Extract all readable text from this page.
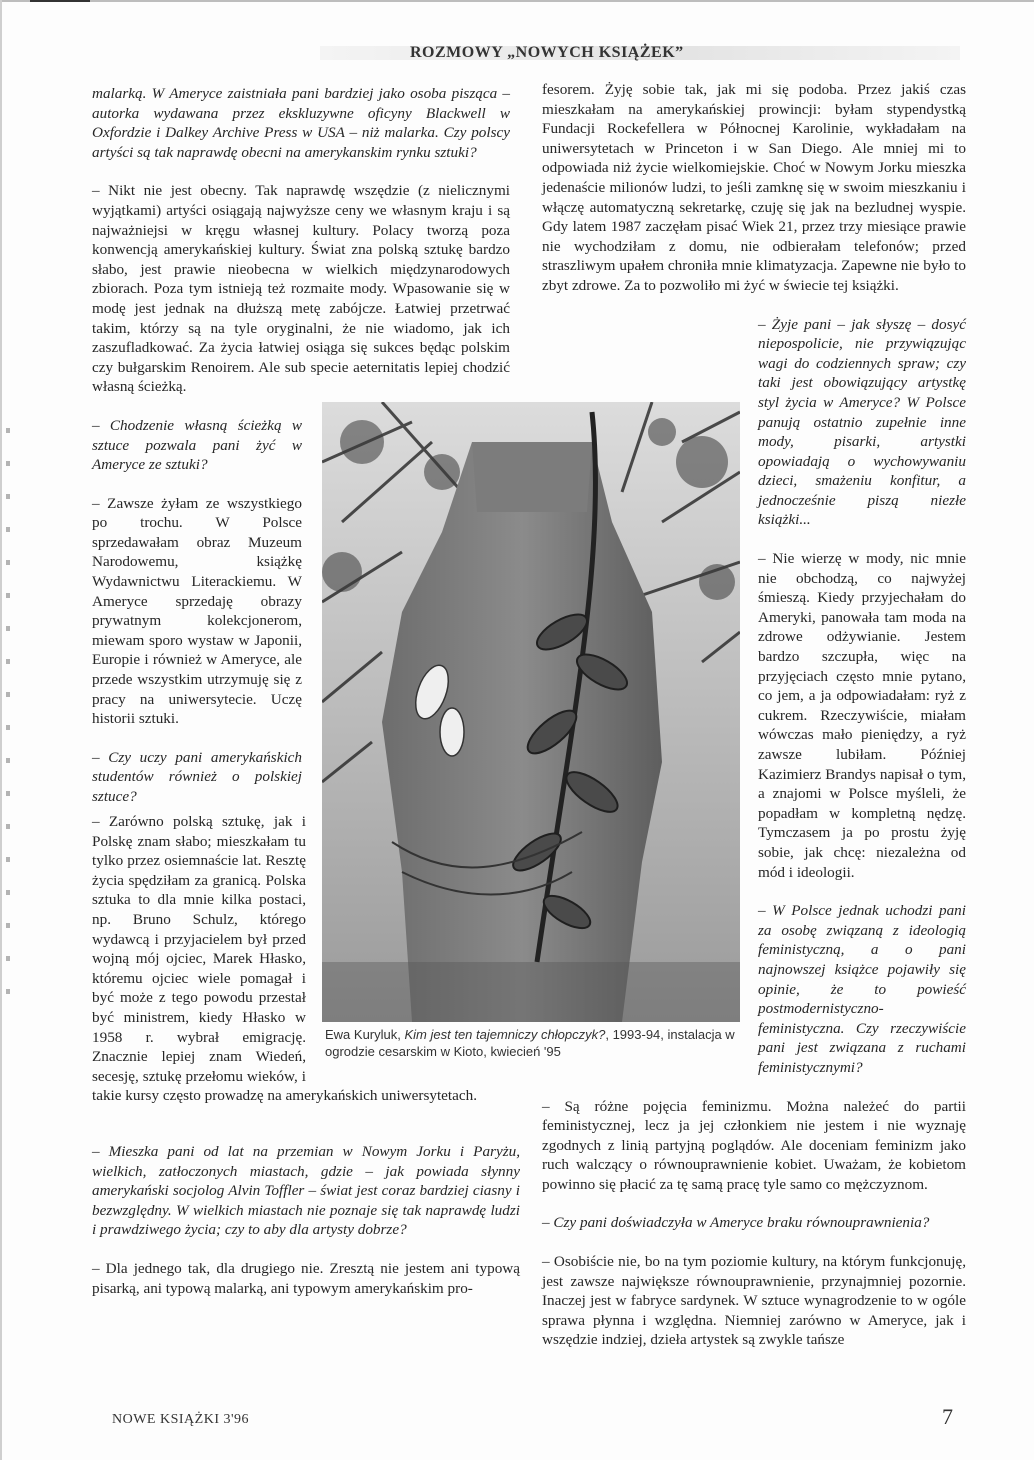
ROZMOWY „NOWYCH KSIĄŻEK”

malarką. W Ameryce zaistniała pani bardziej jako osoba pisząca – autorka wydawana przez ekskluzywne oficyny Blackwell w Oxfordzie i Dalkey Archive Press w USA – niż malarka. Czy polscy artyści są tak naprawdę obecni na amerykanskim rynku sztuki?

– Nikt nie jest obecny. Tak naprawdę wszędzie (z nielicznymi wyjątkami) artyści osiągają najwyższe ceny we własnym kraju i są najważniejsi w kręgu własnej kultury. Polacy tworzą poza konwencją amerykańskiej kultury. Świat zna polską sztukę bardzo słabo, jest prawie nieobecna w wielkich międzynarodowych zbiorach. Poza tym istnieją też rozmaite mody. Wpasowanie się w modę jest jednak na dłuższą metę zabójcze. Łatwiej przetrwać takim, którzy są na tyle oryginalni, że nie wiadomo, jak ich zaszufladkować. Za życia łatwiej osiąga się sukces będąc polskim czy bułgarskim Renoirem. Ale sub specie aeternitatis lepiej chodzić własną ścieżką.

– Chodzenie własną ścieżką w sztuce pozwala pani żyć w Ameryce ze sztuki?

– Zawsze żyłam ze wszystkiego po trochu. W Polsce sprzedawałam obraz Muzeum Narodowemu, książkę Wydawnictwu Literackiemu. W Ameryce sprzedaję obrazy prywatnym kolekcjonerom, miewam sporo wystaw w Japonii, Europie i również w Ameryce, ale przede wszystkim utrzymuję się z pracy na uniwersytecie. Uczę historii sztuki.

– Czy uczy pani amerykańskich studentów również o polskiej sztuce?

– Zarówno polską sztukę, jak i Polskę znam słabo; mieszkałam tu tylko przez osiemnaście lat. Resztę życia spędziłam za granicą. Polska sztuka to dla mnie kilka postaci, np. Bruno Schulz, którego wydawcą i przyjacielem był przed wojną mój ojciec, Marek Hłasko, któremu ojciec wiele pomagał i być może z tego powodu przestał być ministrem, kiedy Hłasko w 1958 r. wybrał emigrację. Znacznie lepiej znam Wiedeń, secesję, sztukę przełomu wieków, i takie kursy często prowadzę na amerykańskich uniwersytetach.

– Mieszka pani od lat na przemian w Nowym Jorku i Paryżu, wielkich, zatłoczonych miastach, gdzie – jak powiada słynny amerykański socjolog Alvin Toffler – świat jest coraz bardziej ciasny i bezwzględny. W wielkich miastach nie poznaje się tak naprawdę ludzi i prawdziwego życia; czy to aby dla artysty dobrze?

– Dla jednego tak, dla drugiego nie. Zresztą nie jestem ani typową pisarką, ani typową malarką, ani typowym amerykańskim pro-

fesorem. Żyję sobie tak, jak mi się podoba. Przez jakiś czas mieszkałam na amerykańskiej prowincji: byłam stypendystką Fundacji Rockefellera w Północnej Karolinie, wykładałam na uniwersytetach w Princeton i w San Diego. Ale mniej mi to odpowiada niż życie wielkomiejskie. Choć w Nowym Jorku mieszka jedenaście milionów ludzi, to jeśli zamknę się w swoim mieszkaniu i włączę automatyczną sekretarkę, czuję się jak na bezludnej wyspie. Gdy latem 1987 zaczęłam pisać Wiek 21, przez trzy miesiące prawie nie wychodziłam z domu, nie odbierałam telefonów; przed straszliwym upałem chroniła mnie klimatyzacja. Zapewne nie było to zbyt zdrowe. Za to pozwoliło mi żyć w świecie tej książki.

– Żyje pani – jak słyszę – dosyć niepospolicie, nie przywiązując wagi do codziennych spraw; czy taki jest obowiązujący artystkę styl życia w Ameryce? W Polsce panują ostatnio zupełnie inne mody, pisarki, artystki opowiadają o wychowywaniu dzieci, smażeniu konfitur, a jednocześnie piszą niezłe książki...

– Nie wierzę w mody, nic mnie nie obchodzą, co najwyżej śmieszą. Kiedy przyjechałam do Ameryki, panowała tam moda na zdrowe odżywianie. Jestem bardzo szczupła, więc na przyjęciach często mnie pytano, co jem, a ja odpowiadałam: ryż z cukrem. Rzeczywiście, miałam wówczas mało pieniędzy, a ryż zawsze lubiłam. Później Kazimierz Brandys napisał o tym, a znajomi w Polsce myśleli, że popadłam w kompletną nędzę. Tymczasem ja po prostu żyję sobie, jak chcę: niezależna od mód i ideologii.

– W Polsce jednak uchodzi pani za osobę związaną z ideologią feministyczną, a o pani najnowszej książce pojawiły się opinie, że to powieść postmodernistyczno-feministyczna. Czy rzeczywiście pani jest związana z ruchami feministycznymi?

– Są różne pojęcia feminizmu. Można należeć do partii feministycznej, lecz ja jej członkiem nie jestem i nie wyznaję zgodnych z linią partyjną poglądów. Ale doceniam feminizm jako ruch walczący o równouprawnienie kobiet. Uważam, że kobietom powinno się płacić za tę samą pracę tyle samo co mężczyznom.

– Czy pani doświadczyła w Ameryce braku równouprawnienia?

– Osobiście nie, bo na tym poziomie kultury, na którym funkcjonuję, jest zawsze największe równouprawnienie, przynajmniej pozornie. Inaczej jest w fabryce sardynek. W sztuce wynagrodzenie to w ogóle sprawa płynna i względna. Niemniej zarówno w Ameryce, jak i wszędzie indziej, dzieła artystek są zwykle tańsze

Ewa Kuryluk, Kim jest ten tajemniczy chłopczyk?, 1993-94, instalacja w ogrodzie cesarskim w Kioto, kwiecień '95
NOWE KSIĄŻKI 3'96	7
